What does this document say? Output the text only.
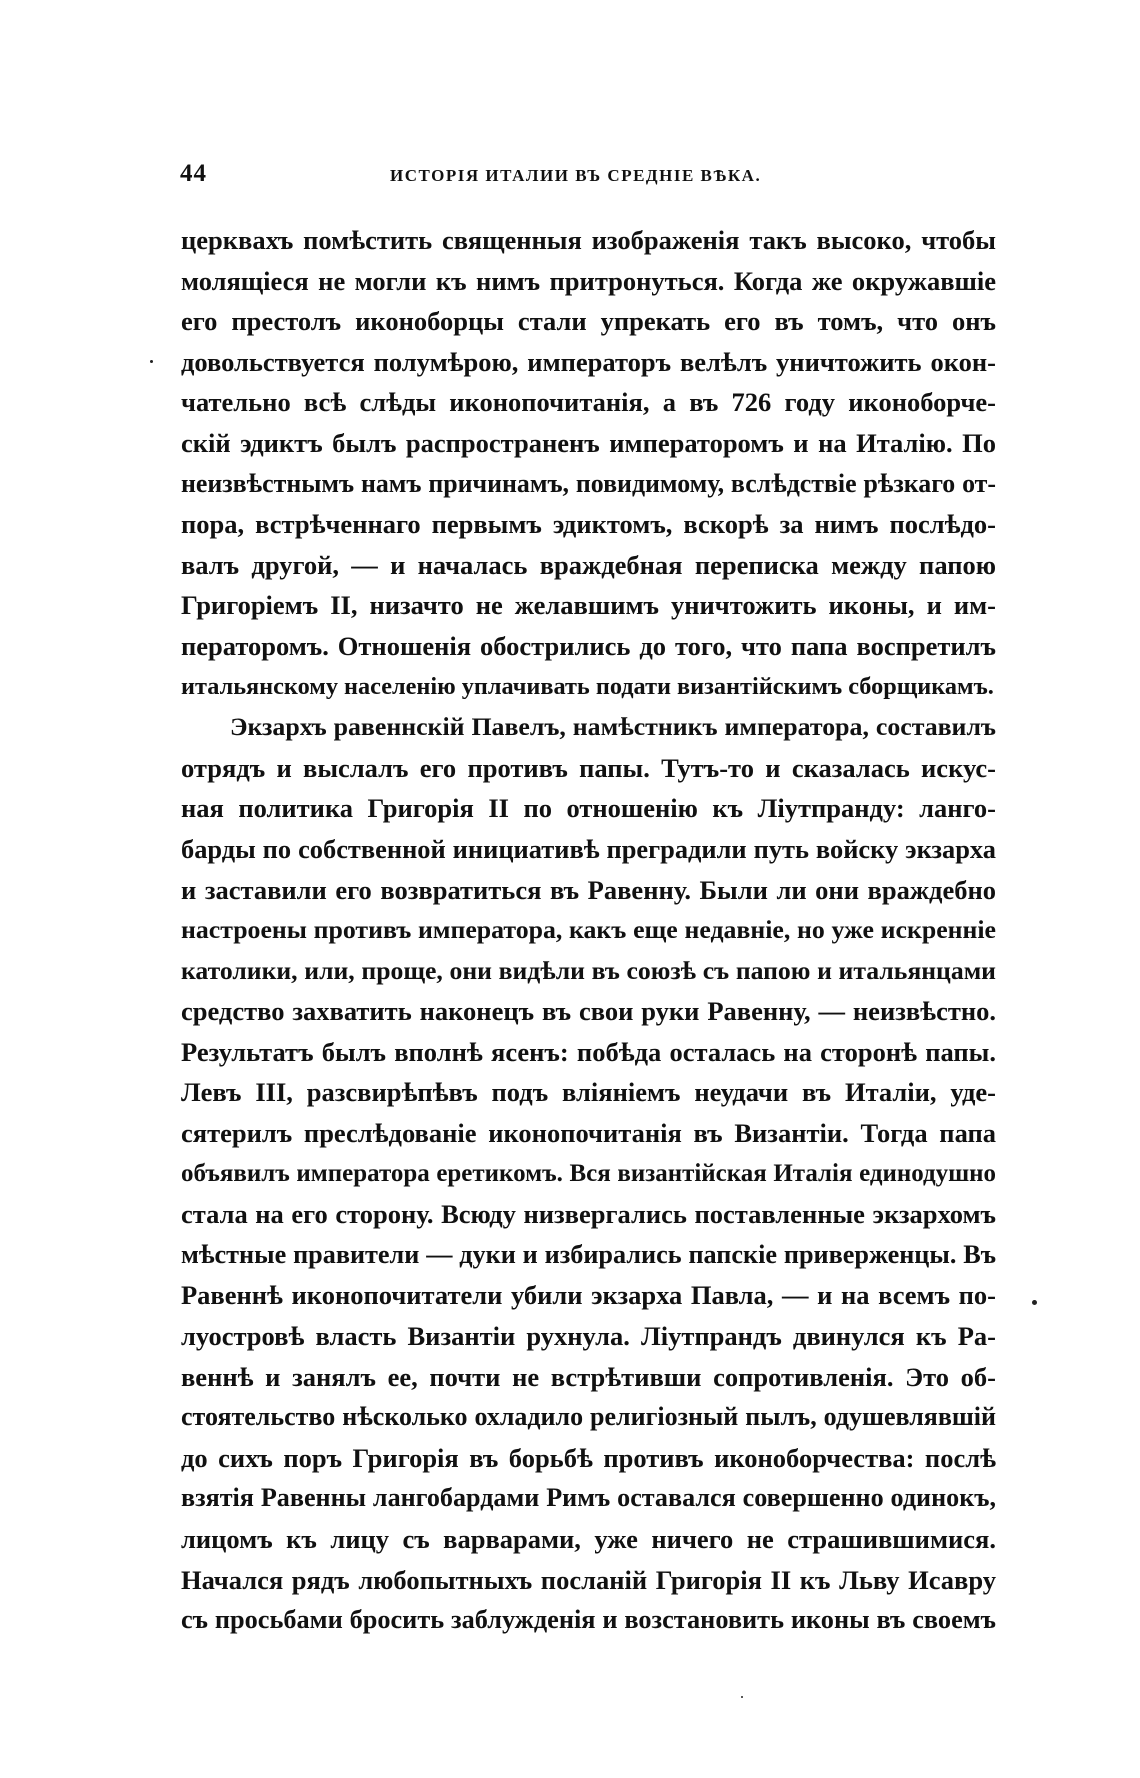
44	ИСТОРІЯ ИТАЛИИ ВЪ СРЕДНІЕ ВѢКА.
церквахъ помѣстить священныя изображенія такъ высоко, чтобы
молящіеся не могли къ нимъ притронуться. Когда же окружавшіе
его престолъ иконоборцы стали упрекать его въ томъ, что онъ
довольствуется полумѣрою, императоръ велѣлъ уничтожить окон-
чательно всѣ слѣды иконопочитанія, а въ 726 году иконоборче-
скій эдиктъ былъ распространенъ императоромъ и на Италію. По
неизвѣстнымъ намъ причинамъ, повидимому, вслѣдствіе рѣзкаго от-
пора, встрѣченнаго первымъ эдиктомъ, вскорѣ за нимъ послѣдо-
валъ другой, — и началась враждебная переписка между папою
Григоріемъ II, низачто не желавшимъ уничтожить иконы, и им-
ператоромъ. Отношенія обострились до того, что папа воспретилъ
итальянскому населенію уплачивать подати византійскимъ сборщикамъ.
Экзархъ равеннскій Павелъ, намѣстникъ императора, составилъ
отрядъ и выслалъ его противъ папы. Тутъ-то и сказалась искус-
ная политика Григорія II по отношенію къ Ліутпранду: ланго-
барды по собственной инициативѣ преградили путь войску экзарха
и заставили его возвратиться въ Равенну. Были ли они враждебно
настроены противъ императора, какъ еще недавніе, но уже искренніе
католики, или, проще, они видѣли въ союзѣ съ папою и итальянцами
средство захватить наконецъ въ свои руки Равенну, — неизвѣстно.
Результатъ былъ вполнѣ ясенъ: побѣда осталась на сторонѣ папы.
Левъ III, разсвирѣпѣвъ подъ вліяніемъ неудачи въ Италіи, уде-
сятерилъ преслѣдованіе иконопочитанія въ Византіи. Тогда папа
объявилъ императора еретикомъ. Вся византійская Италія единодушно
стала на его сторону. Всюду низвергались поставленные экзархомъ
мѣстные правители — дуки и избирались папскіе приверженцы. Въ
Равеннѣ иконопочитатели убили экзарха Павла, — и на всемъ по-
луостровѣ власть Византіи рухнула. Ліутпрандъ двинулся къ Ра-
веннѣ и занялъ ее, почти не встрѣтивши сопротивленія. Это об-
стоятельство нѣсколько охладило религіозный пылъ, одушевлявшій
до сихъ поръ Григорія въ борьбѣ противъ иконоборчества: послѣ
взятія Равенны лангобардами Римъ оставался совершенно одинокъ,
лицомъ къ лицу съ варварами, уже ничего не страшившимися.
Начался рядъ любопытныхъ посланій Григорія II къ Льву Исавру
съ просьбами бросить заблужденія и возстановить иконы въ своемъ
